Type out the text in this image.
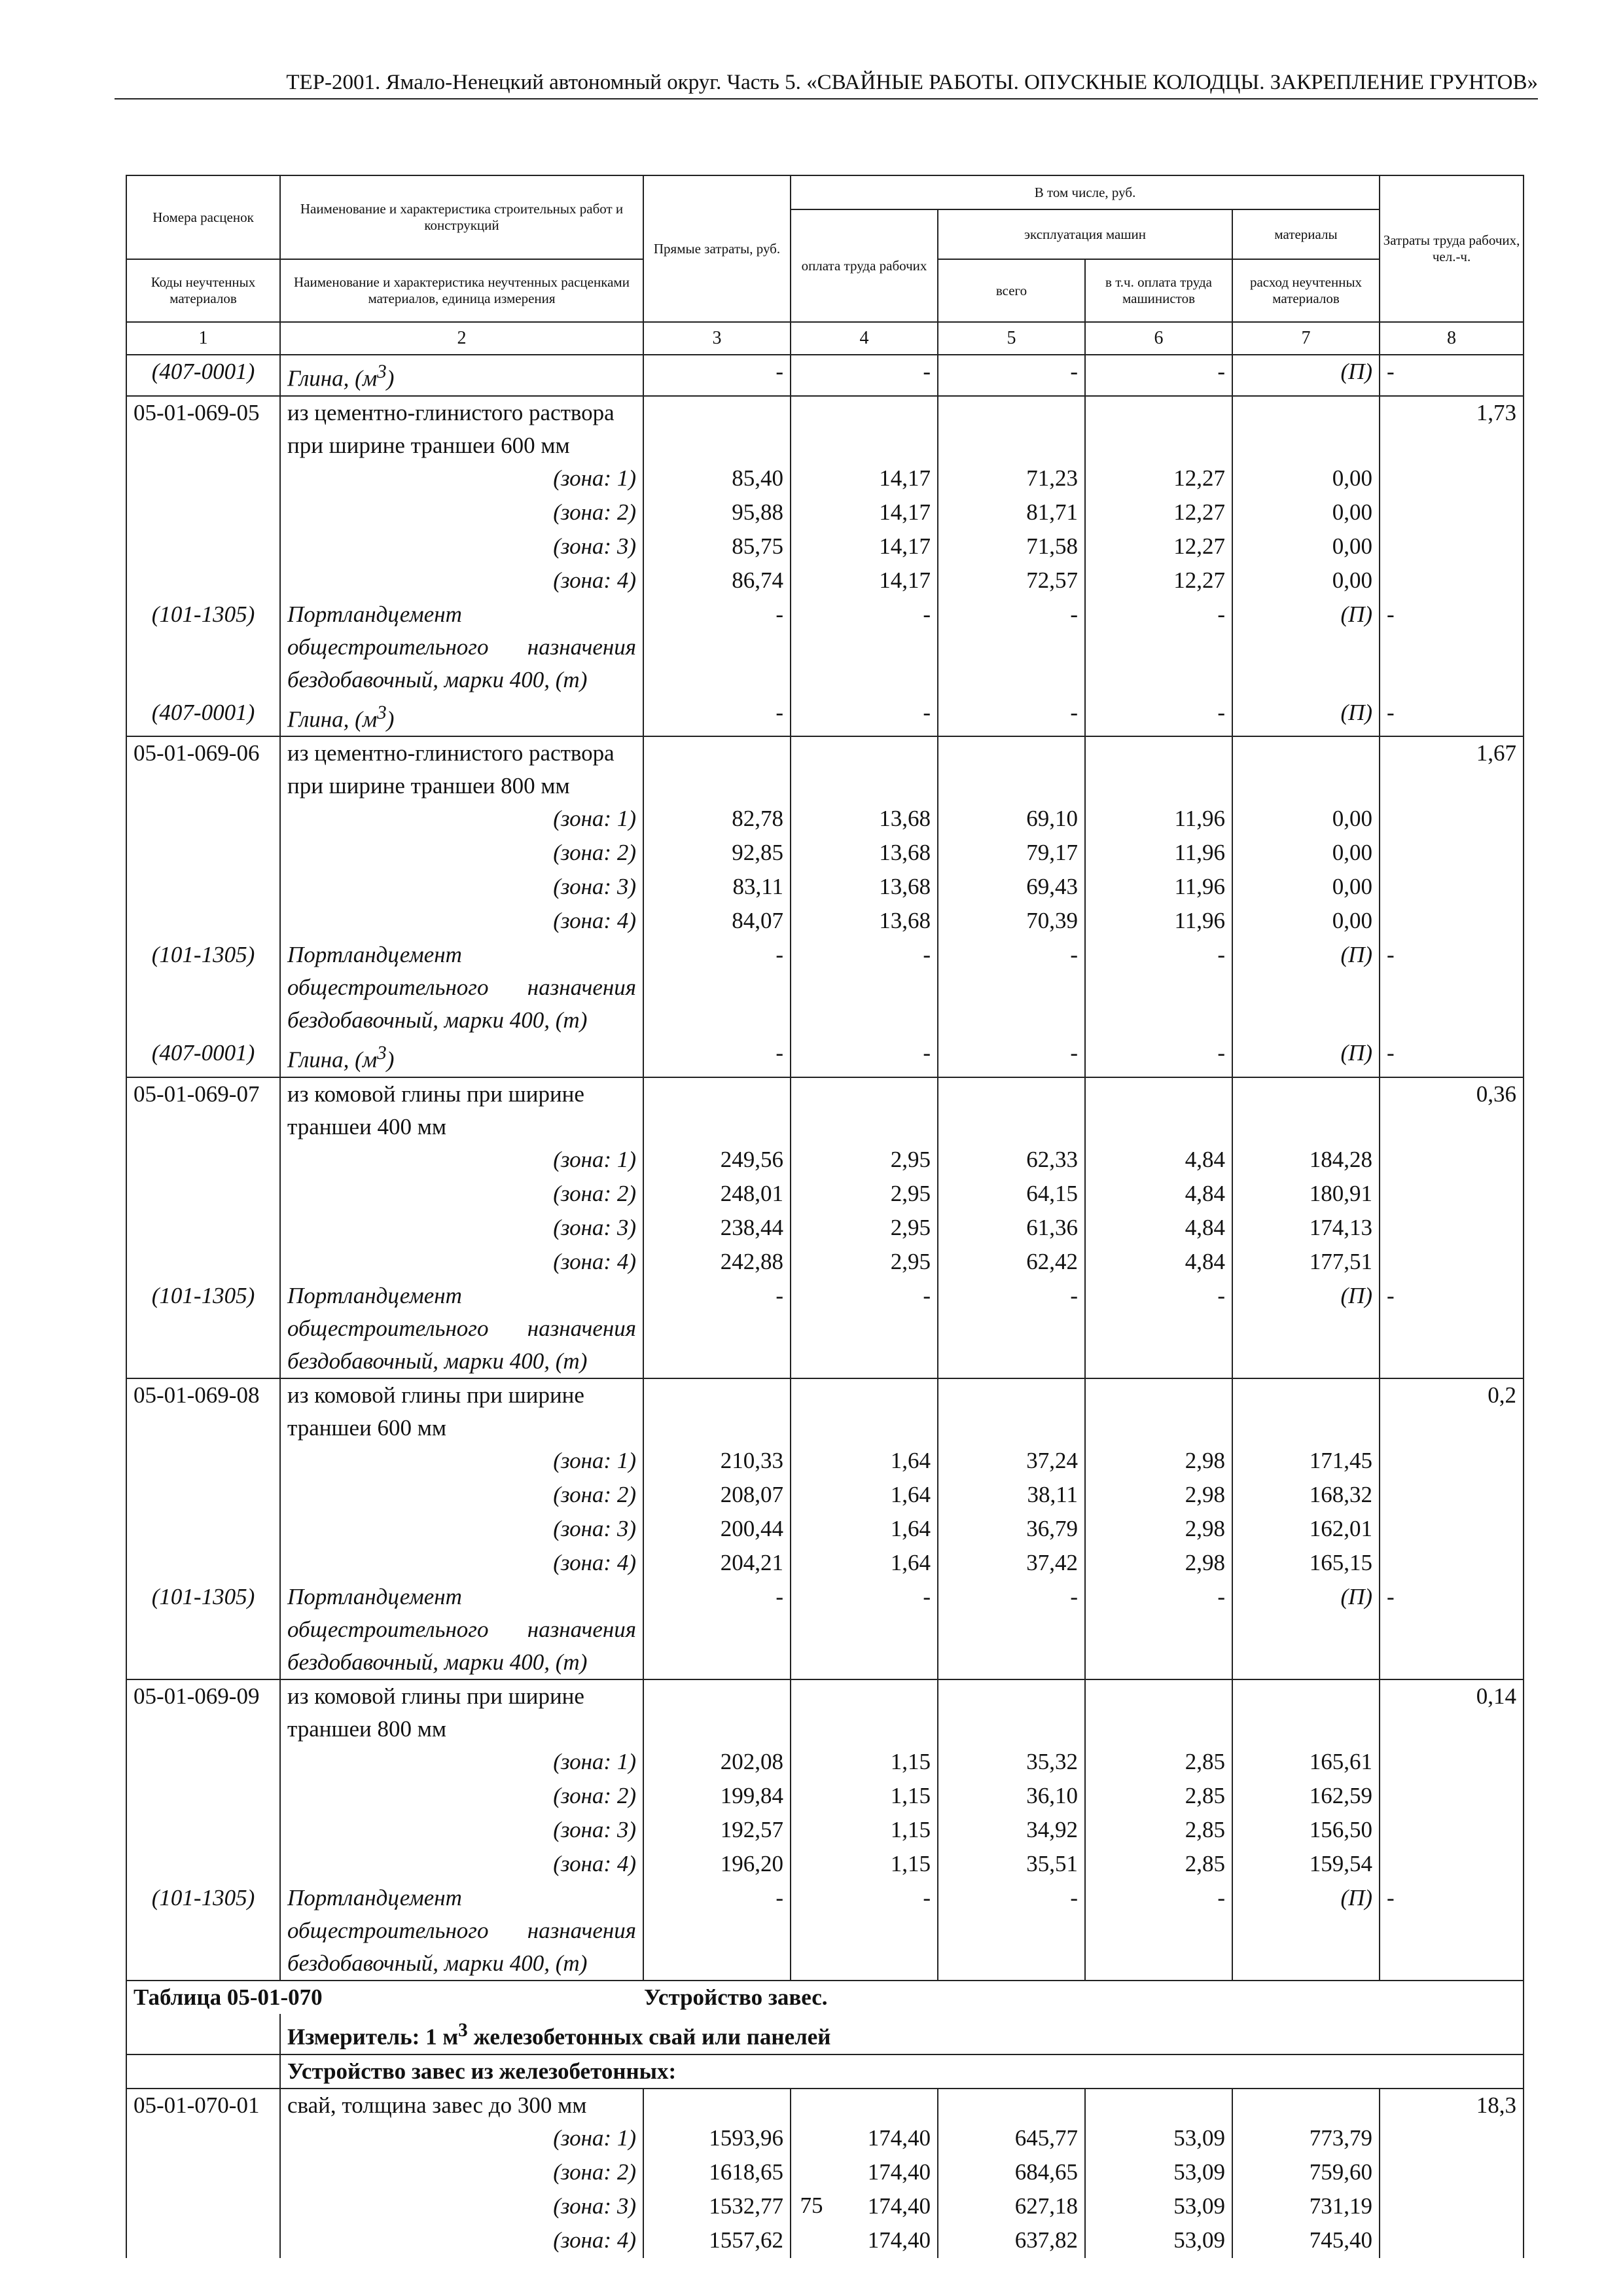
ТЕР-2001. Ямало-Ненецкий автономный округ. Часть 5. «СВАЙНЫЕ РАБОТЫ. ОПУСКНЫЕ КОЛОДЦЫ. ЗАКРЕПЛЕНИЕ ГРУНТОВ»
Номера расценок	Наименование и характеристика строительных работ и конструкций	Прямые затраты, руб.	В том числе, руб.				Затраты труда рабочих, чел.-ч.
			оплата труда рабочих	эксплуатация машин		материалы	
Коды неучтенных материалов	Наименование и характеристика неучтенных расценками материалов, единица измерения			всего	в т.ч. оплата труда машинистов	расход неучтенных материалов	
1	2	3	4	5	6	7	8
(407-0001)	Глина, $(м^3)$	-	-	-	-	(П)	-
05-01-069-05	из цементно-глинистого раствора при ширине траншеи 600 мм						1,73
	(зона: 1)	85,40	14,17	71,23	12,27	0,00	
	(зона: 2)	95,88	14,17	81,71	12,27	0,00	
	(зона: 3)	85,75	14,17	71,58	12,27	0,00	
	(зона: 4)	86,74	14,17	72,57	12,27	0,00	
(101-1305)	Портландцемент общестроительного назначения бездобавочный, марки 400, (т)	-	-	-	-	(П)	-
(407-0001)	Глина, $(м^3)$	-	-	-	-	(П)	-
05-01-069-06	из цементно-глинистого раствора при ширине траншеи 800 мм						1,67
	(зона: 1)	82,78	13,68	69,10	11,96	0,00	
	(зона: 2)	92,85	13,68	79,17	11,96	0,00	
	(зона: 3)	83,11	13,68	69,43	11,96	0,00	
	(зона: 4)	84,07	13,68	70,39	11,96	0,00	
(101-1305)	Портландцемент общестроительного назначения бездобавочный, марки 400, (т)	-	-	-	-	(П)	-
(407-0001)	Глина, $(м^3)$	-	-	-	-	(П)	-
05-01-069-07	из комовой глины при ширине траншеи 400 мм						0,36
	(зона: 1)	249,56	2,95	62,33	4,84	184,28	
	(зона: 2)	248,01	2,95	64,15	4,84	180,91	
	(зона: 3)	238,44	2,95	61,36	4,84	174,13	
	(зона: 4)	242,88	2,95	62,42	4,84	177,51	
(101-1305)	Портландцемент общестроительного назначения бездобавочный, марки 400, (т)	-	-	-	-	(П)	-
05-01-069-08	из комовой глины при ширине траншеи 600 мм						0,2
	(зона: 1)	210,33	1,64	37,24	2,98	171,45	
	(зона: 2)	208,07	1,64	38,11	2,98	168,32	
	(зона: 3)	200,44	1,64	36,79	2,98	162,01	
	(зона: 4)	204,21	1,64	37,42	2,98	165,15	
(101-1305)	Портландцемент общестроительного назначения бездобавочный, марки 400, (т)	-	-	-	-	(П)	-
05-01-069-09	из комовой глины при ширине траншеи 800 мм						0,14
	(зона: 1)	202,08	1,15	35,32	2,85	165,61	
	(зона: 2)	199,84	1,15	36,10	2,85	162,59	
	(зона: 3)	192,57	1,15	34,92	2,85	156,50	
	(зона: 4)	196,20	1,15	35,51	2,85	159,54	
(101-1305)	Портландцемент общестроительного назначения бездобавочный, марки 400, (т)	-	-	-	-	(П)	-
Таблица 05-01-070 Устройство завес.							
	Измеритель: 1 $м^3$ железобетонных свай или панелей						
	Устройство завес из железобетонных:						
05-01-070-01	свай, толщина завес до 300 мм						18,3
	(зона: 1)	1593,96	174,40	645,77	53,09	773,79	
	(зона: 2)	1618,65	174,40	684,65	53,09	759,60	
	(зона: 3)	1532,77	174,40	627,18	53,09	731,19	
	(зона: 4)	1557,62	174,40	637,82	53,09	745,40	
75
